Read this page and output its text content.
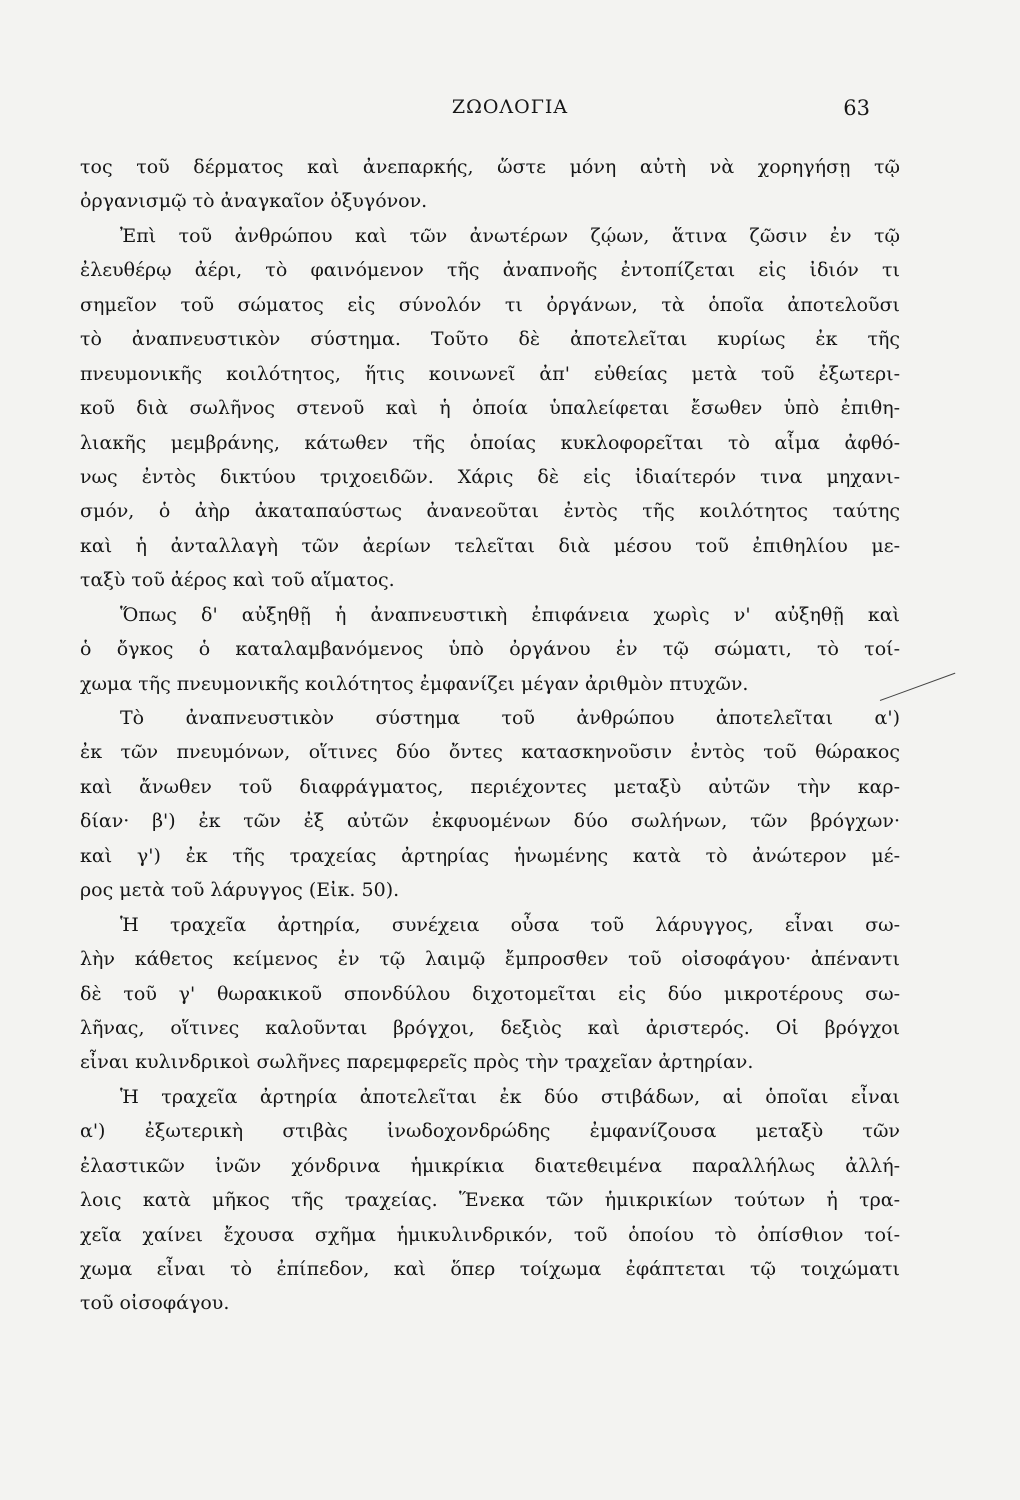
ΖΩΟΛΟΓΙΑ	63
τος τοῦ δέρματος καὶ ἀνεπαρκής, ὥστε μόνη αὐτὴ νὰ χορηγήσῃ τῷ
ὀργανισμῷ τὸ ἀναγκαῖον ὀξυγόνον.
Ἐπὶ τοῦ ἀνθρώπου καὶ τῶν ἀνωτέρων ζῴων, ἅτινα ζῶσιν ἐν τῷ
ἐλευθέρῳ ἀέρι, τὸ φαινόμενον τῆς ἀναπνοῆς ἐντοπίζεται εἰς ἰδιόν τι
σημεῖον τοῦ σώματος εἰς σύνολόν τι ὀργάνων, τὰ ὁποῖα ἀποτελοῦσι
τὸ ἀναπνευστικὸν σύστημα. Τοῦτο δὲ ἀποτελεῖται κυρίως ἐκ τῆς
πνευμονικῆς κοιλότητος, ἥτις κοινωνεῖ ἀπ' εὐθείας μετὰ τοῦ ἐξωτερι-
κοῦ διὰ σωλῆνος στενοῦ καὶ ἡ ὁποία ὑπαλείφεται ἔσωθεν ὑπὸ ἐπιθη-
λιακῆς μεμβράνης, κάτωθεν τῆς ὁποίας κυκλοφορεῖται τὸ αἷμα ἀφθό-
νως ἐντὸς δικτύου τριχοειδῶν. Χάρις δὲ εἰς ἰδιαίτερόν τινα μηχανι-
σμόν, ὁ ἀὴρ ἀκαταπαύστως ἀνανεοῦται ἐντὸς τῆς κοιλότητος ταύτης
καὶ ἡ ἀνταλλαγὴ τῶν ἀερίων τελεῖται διὰ μέσου τοῦ ἐπιθηλίου με-
ταξὺ τοῦ ἀέρος καὶ τοῦ αἵματος.
Ὅπως δ' αὐξηθῇ ἡ ἀναπνευστικὴ ἐπιφάνεια χωρὶς ν' αὐξηθῇ καὶ
ὁ ὄγκος ὁ καταλαμβανόμενος ὑπὸ ὀργάνου ἐν τῷ σώματι, τὸ τοί-
χωμα τῆς πνευμονικῆς κοιλότητος ἐμφανίζει μέγαν ἀριθμὸν πτυχῶν.
Τὸ ἀναπνευστικὸν σύστημα τοῦ ἀνθρώπου ἀποτελεῖται α')
ἐκ τῶν πνευμόνων, οἵτινες δύο ὄντες κατασκηνοῦσιν ἐντὸς τοῦ θώρακος
καὶ ἄνωθεν τοῦ διαφράγματος, περιέχοντες μεταξὺ αὐτῶν τὴν καρ-
δίαν· β') ἐκ τῶν ἐξ αὐτῶν ἐκφυομένων δύο σωλήνων, τῶν βρόγχων·
καὶ γ') ἐκ τῆς τραχείας ἀρτηρίας ἡνωμένης κατὰ τὸ ἀνώτερον μέ-
ρος μετὰ τοῦ λάρυγγος (Εἰκ. 50).
Ἡ τραχεῖα ἀρτηρία, συνέχεια οὖσα τοῦ λάρυγγος, εἶναι σω-
λὴν κάθετος κείμενος ἐν τῷ λαιμῷ ἔμπροσθεν τοῦ οἰσοφάγου· ἀπέναντι
δὲ τοῦ γ' θωρακικοῦ σπονδύλου διχοτομεῖται εἰς δύο μικροτέρους σω-
λῆνας, οἵτινες καλοῦνται βρόγχοι, δεξιὸς καὶ ἀριστερός. Οἱ βρόγχοι
εἶναι κυλινδρικοὶ σωλῆνες παρεμφερεῖς πρὸς τὴν τραχεῖαν ἀρτηρίαν.
Ἡ τραχεῖα ἀρτηρία ἀποτελεῖται ἐκ δύο στιβάδων, αἱ ὁποῖαι εἶναι
α') ἐξωτερικὴ στιβὰς ἰνωδοχονδρώδης ἐμφανίζουσα μεταξὺ τῶν
ἐλαστικῶν ἰνῶν χόνδρινα ἡμικρίκια διατεθειμένα παραλλήλως ἀλλή-
λοις κατὰ μῆκος τῆς τραχείας. Ἕνεκα τῶν ἡμικρικίων τούτων ἡ τρα-
χεῖα χαίνει ἔχουσα σχῆμα ἡμικυλινδρικόν, τοῦ ὁποίου τὸ ὀπίσθιον τοί-
χωμα εἶναι τὸ ἐπίπεδον, καὶ ὅπερ τοίχωμα ἐφάπτεται τῷ τοιχώματι
τοῦ οἰσοφάγου.
